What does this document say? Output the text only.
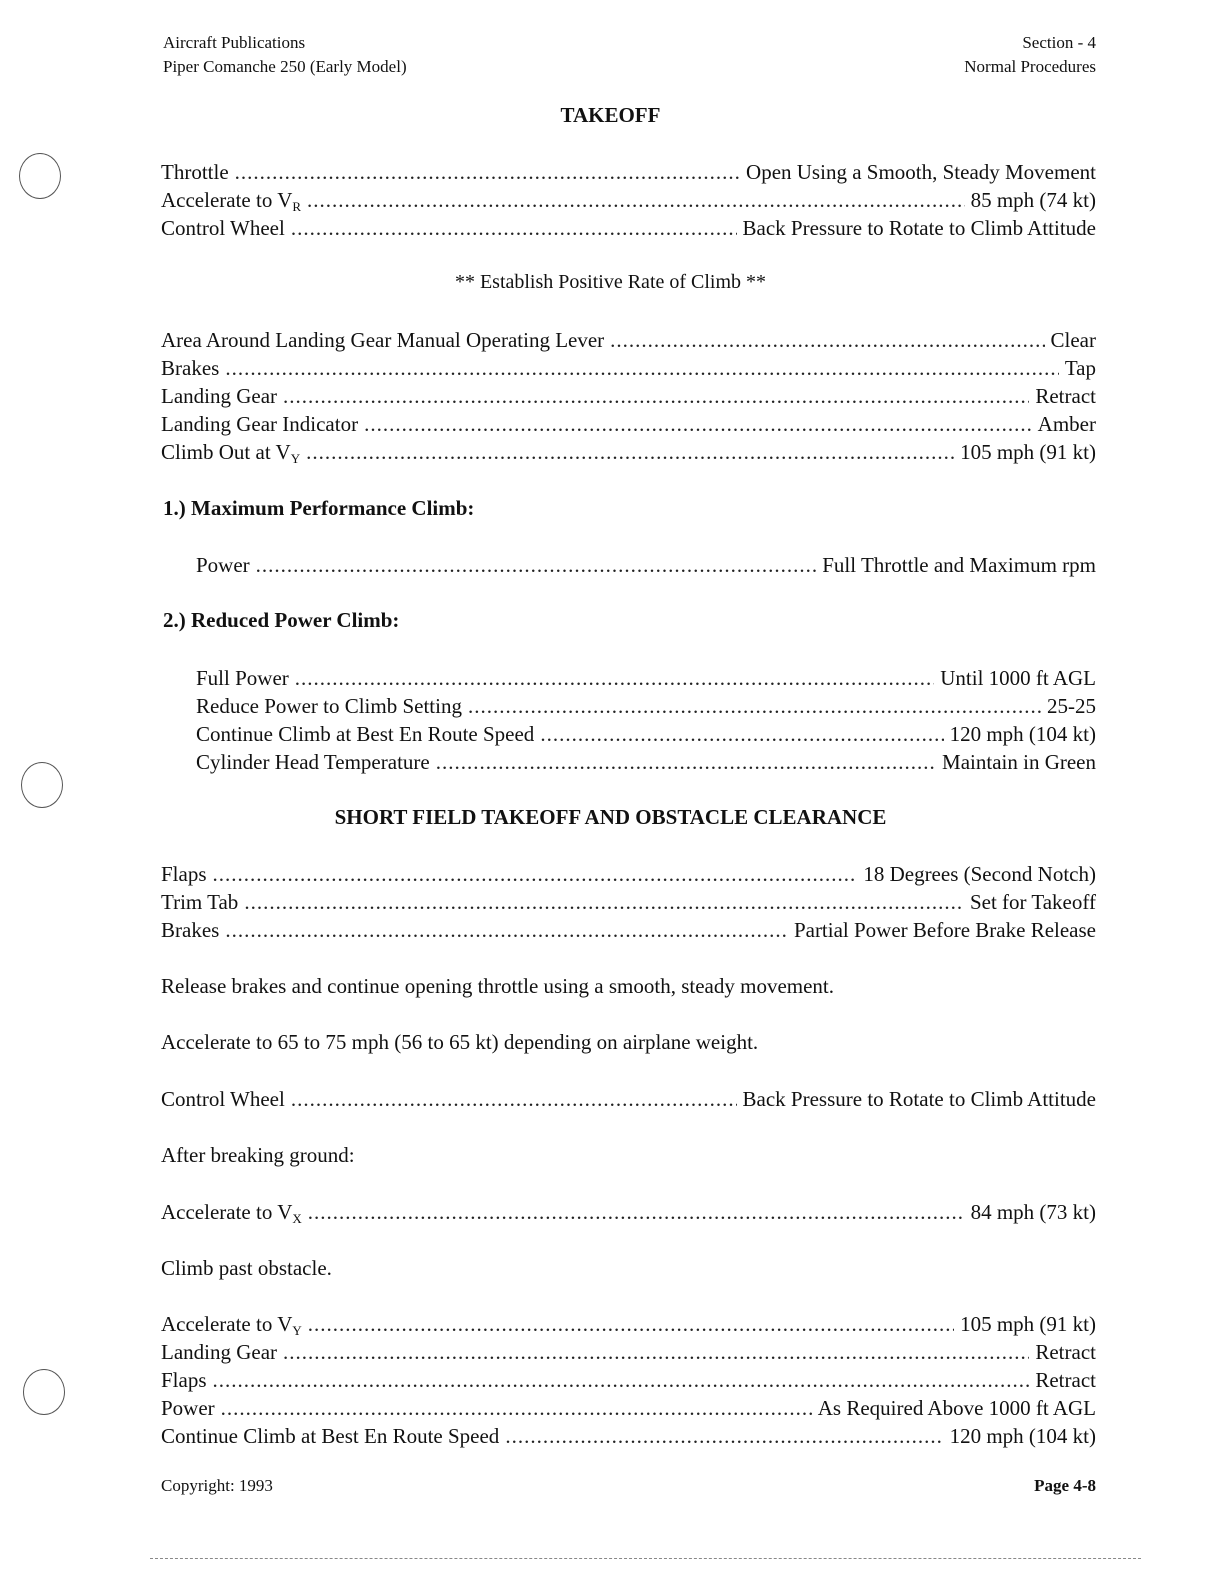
Aircraft Publications
Piper Comanche 250 (Early Model)
Section - 4
Normal Procedures
TAKEOFF
Throttle .....	Open Using a Smooth, Steady Movement
Accelerate to $V_R$ .....	85 mph (74 kt)
Control Wheel .....	Back Pressure to Rotate to Climb Attitude
** Establish Positive Rate of Climb **
Area Around Landing Gear Manual Operating Lever .....	Clear
Brakes .....	Tap
Landing Gear .....	Retract
Landing Gear Indicator .....	Amber
Climb Out at $V_Y$ .....	105 mph (91 kt)
1.) Maximum Performance Climb:
Power .....	Full Throttle and Maximum rpm
2.) Reduced Power Climb:
Full Power .....	Until 1000 ft AGL
Reduce Power to Climb Setting .....	25-25
Continue Climb at Best En Route Speed .....	120 mph (104 kt)
Cylinder Head Temperature .....	Maintain in Green
SHORT FIELD TAKEOFF AND OBSTACLE CLEARANCE
Flaps .....	18 Degrees (Second Notch)
Trim Tab .....	Set for Takeoff
Brakes .....	Partial Power Before Brake Release
Release brakes and continue opening throttle using a smooth, steady movement.
Accelerate to 65 to 75 mph (56 to 65 kt) depending on airplane weight.
Control Wheel .....	Back Pressure to Rotate to Climb Attitude
After breaking ground:
Accelerate to $V_X$ .....	84 mph (73 kt)
Climb past obstacle.
Accelerate to $V_Y$ .....	105 mph (91 kt)
Landing Gear .....	Retract
Flaps .....	Retract
Power .....	As Required Above 1000 ft AGL
Continue Climb at Best En Route Speed .....	120 mph (104 kt)
Copyright: 1993	Page 4-8
